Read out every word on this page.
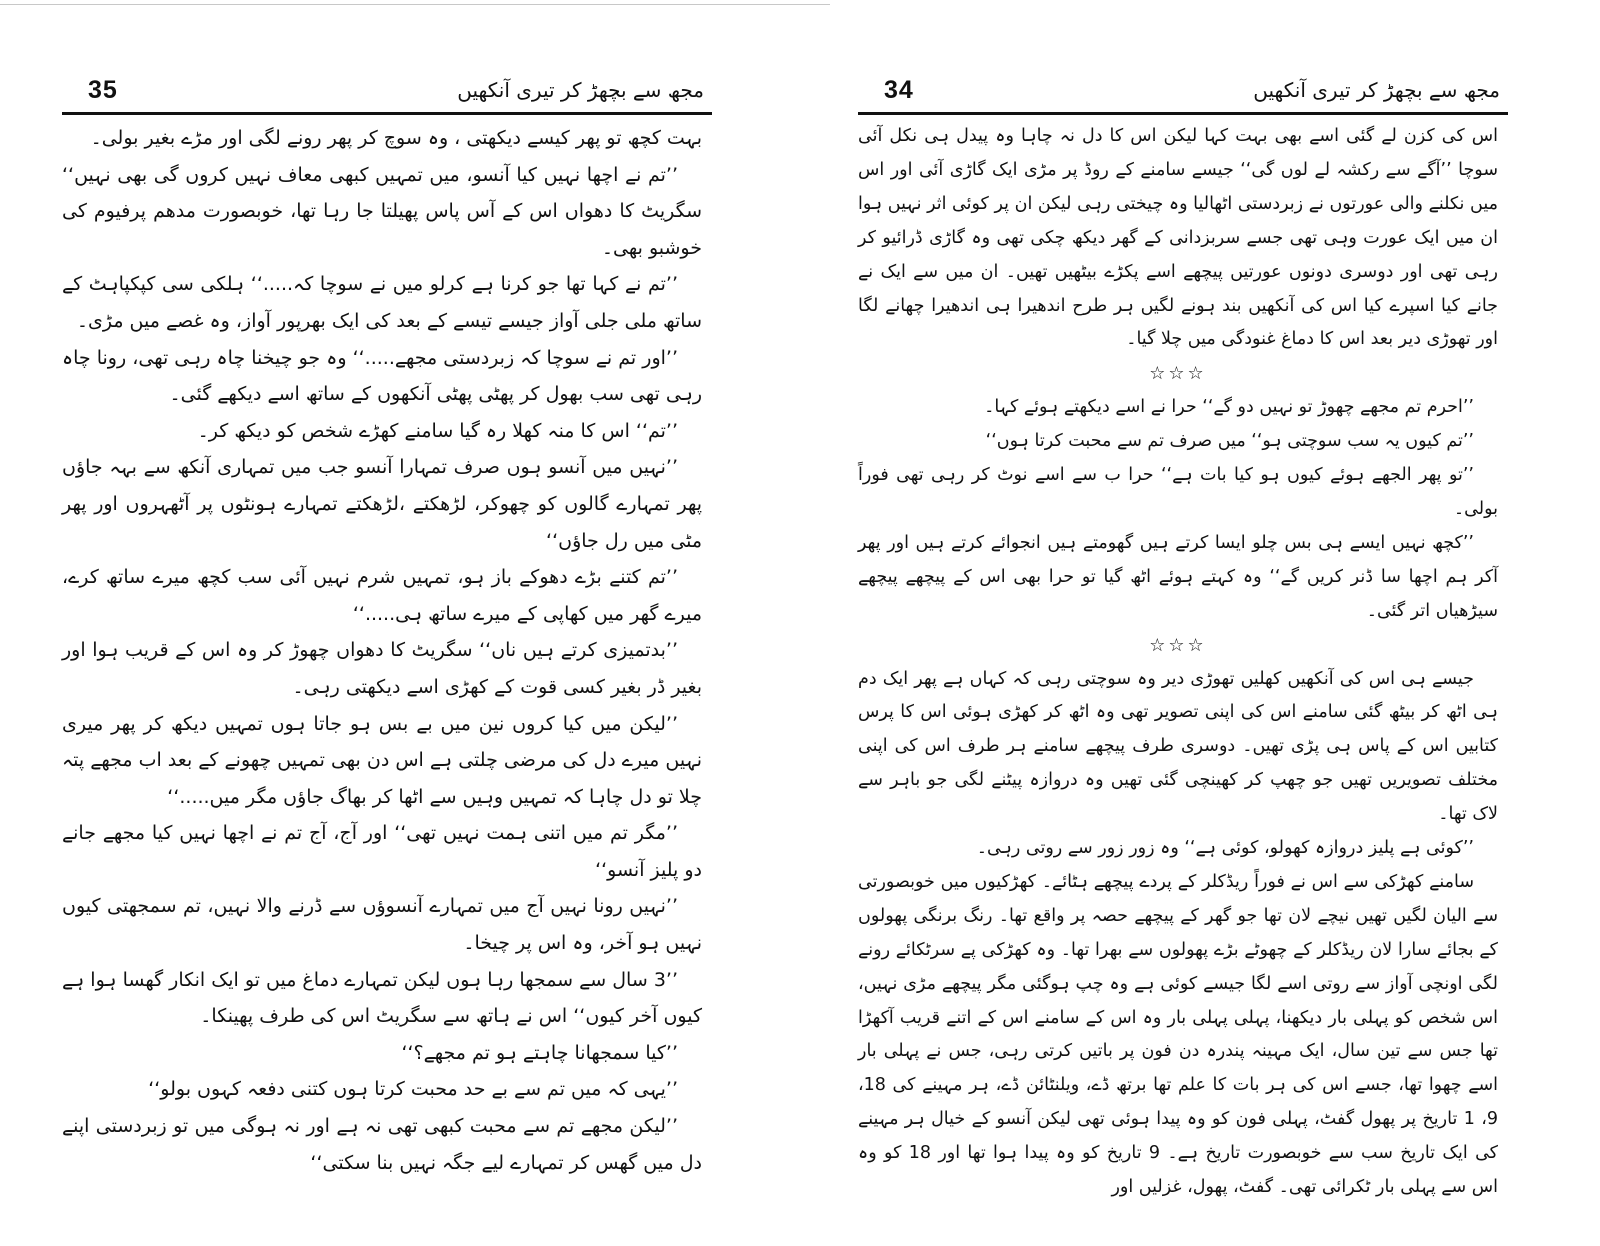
35	مجھ سے بچھڑ کر تیری آنکھیں

بہت کچھ تو پھر کیسے دیکھتی ، وہ سوچ کر پھر رونے لگی اور مڑے بغیر بولی۔

’’تم نے اچھا نہیں کیا آنسو، میں تمہیں کبھی معاف نہیں کروں گی بھی نہیں‘‘ سگریٹ کا دھواں اس کے آس پاس پھیلتا جا رہا تھا، خوبصورت مدھم پرفیوم کی خوشبو بھی۔

’’تم نے کہا تھا جو کرنا ہے کرلو میں نے سوچا کہ.....‘‘ ہلکی سی کپکپاہٹ کے ساتھ ملی جلی آواز جیسے تیسے کے بعد کی ایک بھرپور آواز، وہ غصے میں مڑی۔

’’اور تم نے سوچا کہ زبردستی مجھے.....‘‘ وہ جو چیخنا چاہ رہی تھی، رونا چاہ رہی تھی سب بھول کر پھٹی پھٹی آنکھوں کے ساتھ اسے دیکھے گئی۔

’’تم‘‘ اس کا منہ کھلا رہ گیا سامنے کھڑے شخص کو دیکھ کر۔

’’نہیں میں آنسو ہوں صرف تمہارا آنسو جب میں تمہاری آنکھ سے بہہ جاؤں پھر تمہارے گالوں کو چھوکر، لڑھکتے ،لڑھکتے تمہارے ہونٹوں پر آٹھہروں اور پھر مٹی میں رل جاؤں‘‘

’’تم کتنے بڑے دھوکے باز ہو، تمہیں شرم نہیں آئی سب کچھ میرے ساتھ کرے، میرے گھر میں کھاپی کے میرے ساتھ ہی.....‘‘

’’بدتمیزی کرتے ہیں ناں‘‘ سگریٹ کا دھواں چھوڑ کر وہ اس کے قریب ہوا اور بغیر ڈر بغیر کسی قوت کے کھڑی اسے دیکھتی رہی۔

’’لیکن میں کیا کروں نین میں بے بس ہو جاتا ہوں تمہیں دیکھ کر پھر میری نہیں میرے دل کی مرضی چلتی ہے اس دن بھی تمہیں چھونے کے بعد اب مجھے پتہ چلا تو دل چاہا کہ تمہیں وہیں سے اٹھا کر بھاگ جاؤں مگر میں.....‘‘

’’مگر تم میں اتنی ہمت نہیں تھی‘‘ اور آج، آج تم نے اچھا نہیں کیا مجھے جانے دو پلیز آنسو‘‘

’’نہیں رونا نہیں آج میں تمہارے آنسوؤں سے ڈرنے والا نہیں، تم سمجھتی کیوں نہیں ہو آخر، وہ اس پر چیخا۔

’’3 سال سے سمجھا رہا ہوں لیکن تمہارے دماغ میں تو ایک انکار گھسا ہوا ہے کیوں آخر کیوں‘‘ اس نے ہاتھ سے سگریٹ اس کی طرف پھینکا۔

’’کیا سمجھانا چاہتے ہو تم مجھے؟‘‘

’’یہی کہ میں تم سے بے حد محبت کرتا ہوں کتنی دفعہ کہوں بولو‘‘

’’لیکن مجھے تم سے محبت کبھی تھی نہ ہے اور نہ ہوگی میں تو زبردستی اپنے دل میں گھس کر تمہارے لیے جگہ نہیں بنا سکتی‘‘

34	مجھ سے بچھڑ کر تیری آنکھیں

اس کی کزن لے گئی اسے بھی بہت کہا لیکن اس کا دل نہ چاہا وہ پیدل ہی نکل آئی سوچا ’’آگے سے رکشہ لے لوں گی‘‘ جیسے سامنے کے روڈ پر مڑی ایک گاڑی آئی اور اس میں نکلنے والی عورتوں نے زبردستی اٹھالیا وہ چیختی رہی لیکن ان پر کوئی اثر نہیں ہوا ان میں ایک عورت وہی تھی جسے سربزدانی کے گھر دیکھ چکی تھی وہ گاڑی ڈرائیو کر رہی تھی اور دوسری دونوں عورتیں پیچھے اسے پکڑے بیٹھیں تھیں۔ ان میں سے ایک نے جانے کیا اسپرے کیا اس کی آنکھیں بند ہونے لگیں ہر طرح اندھیرا ہی اندھیرا چھانے لگا اور تھوڑی دیر بعد اس کا دماغ غنودگی میں چلا گیا۔

☆☆☆

’’احرم تم مجھے چھوڑ تو نہیں دو گے‘‘ حرا نے اسے دیکھتے ہوئے کہا۔

’’تم کیوں یہ سب سوچتی ہو‘‘ میں صرف تم سے محبت کرتا ہوں‘‘

’’تو پھر الجھے ہوئے کیوں ہو کیا بات ہے‘‘ حرا ب سے اسے نوٹ کر رہی تھی فوراً بولی۔

’’کچھ نہیں ایسے ہی بس چلو ایسا کرتے ہیں گھومتے ہیں انجوائے کرتے ہیں اور پھر آکر ہم اچھا سا ڈنر کریں گے‘‘ وہ کہتے ہوئے اٹھ گیا تو حرا بھی اس کے پیچھے پیچھے سیڑھیاں اتر گئی۔

☆☆☆

جیسے ہی اس کی آنکھیں کھلیں تھوڑی دیر وہ سوچتی رہی کہ کہاں ہے پھر ایک دم ہی اٹھ کر بیٹھ گئی سامنے اس کی اپنی تصویر تھی وہ اٹھ کر کھڑی ہوئی اس کا پرس کتابیں اس کے پاس ہی پڑی تھیں۔ دوسری طرف پیچھے سامنے ہر طرف اس کی اپنی مختلف تصویریں تھیں جو چھپ کر کھینچی گئی تھیں وہ دروازہ پیٹنے لگی جو باہر سے لاک تھا۔

’’کوئی ہے پلیز دروازہ کھولو، کوئی ہے‘‘ وہ زور زور سے روتی رہی۔

سامنے کھڑکی سے اس نے فوراً ریڈکلر کے پردے پیچھے ہٹائے۔ کھڑکیوں میں خوبصورتی سے الیان لگیں تھیں نیچے لان تھا جو گھر کے پیچھے حصہ پر واقع تھا۔ رنگ برنگی پھولوں کے بجائے سارا لان ریڈکلر کے چھوٹے بڑے پھولوں سے بھرا تھا۔ وہ کھڑکی پے سرٹکائے رونے لگی اونچی آواز سے روتی اسے لگا جیسے کوئی ہے وہ چپ ہوگئی مگر پیچھے مڑی نہیں، اس شخص کو پہلی بار دیکھنا، پہلی پہلی بار وہ اس کے سامنے اس کے اتنے قریب آکھڑا تھا جس سے تین سال، ایک مہینہ پندرہ دن فون پر باتیں کرتی رہی، جس نے پہلی بار اسے چھوا تھا، جسے اس کی ہر بات کا علم تھا برتھ ڈے، ویلنٹائن ڈے، ہر مہینے کی 18، 9، 1 تاریخ پر پھول گفٹ، پہلی فون کو وہ پیدا ہوئی تھی لیکن آنسو کے خیال ہر مہینے کی ایک تاریخ سب سے خوبصورت تاریخ ہے۔ 9 تاریخ کو وہ پیدا ہوا تھا اور 18 کو وہ اس سے پہلی بار ٹکرائی تھی۔ گفٹ، پھول، غزلیں اور
